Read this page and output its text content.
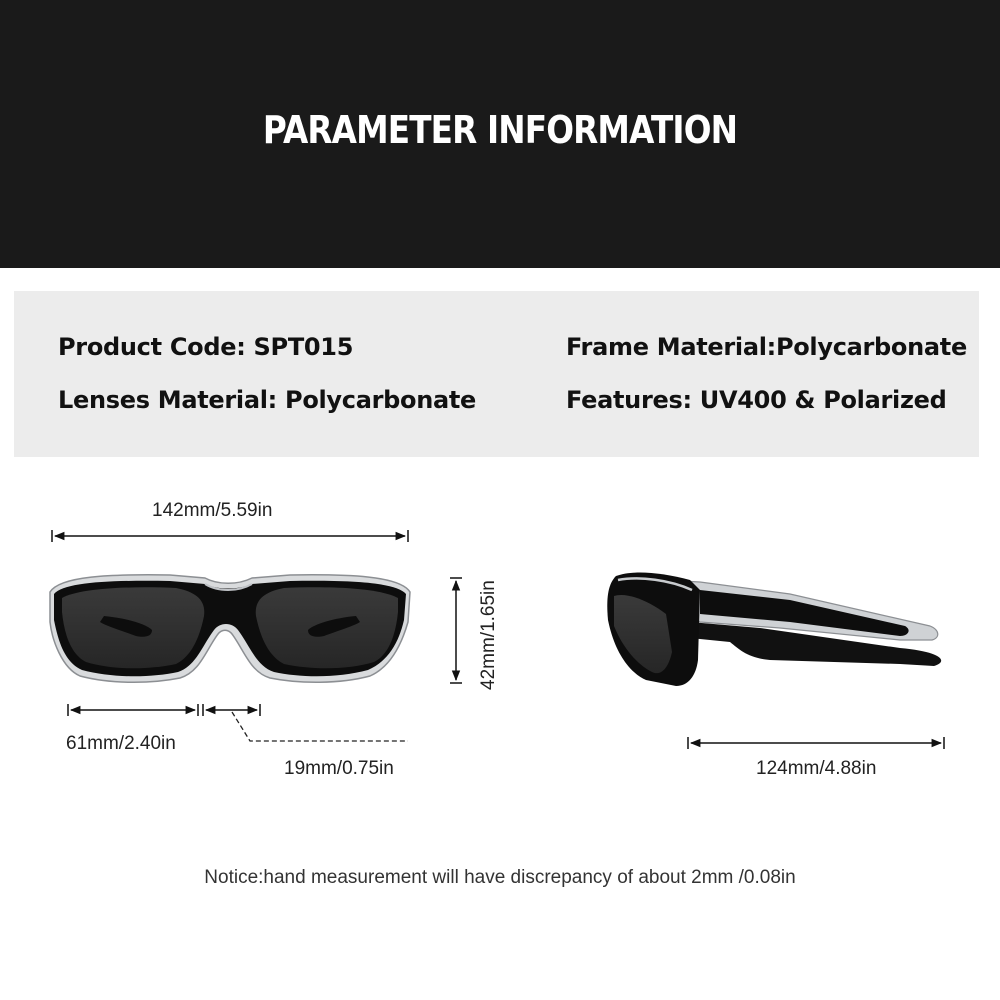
PARAMETER INFORMATION
Product Code: SPT015	Frame Material:Polycarbonate
Lenses Material: Polycarbonate	Features: UV400 & Polarized
142mm/5.59in
42mm/1.65in
61mm/2.40in
19mm/0.75in	124mm/4.88in
Notice:hand measurement will have discrepancy of about 2mm /0.08in
